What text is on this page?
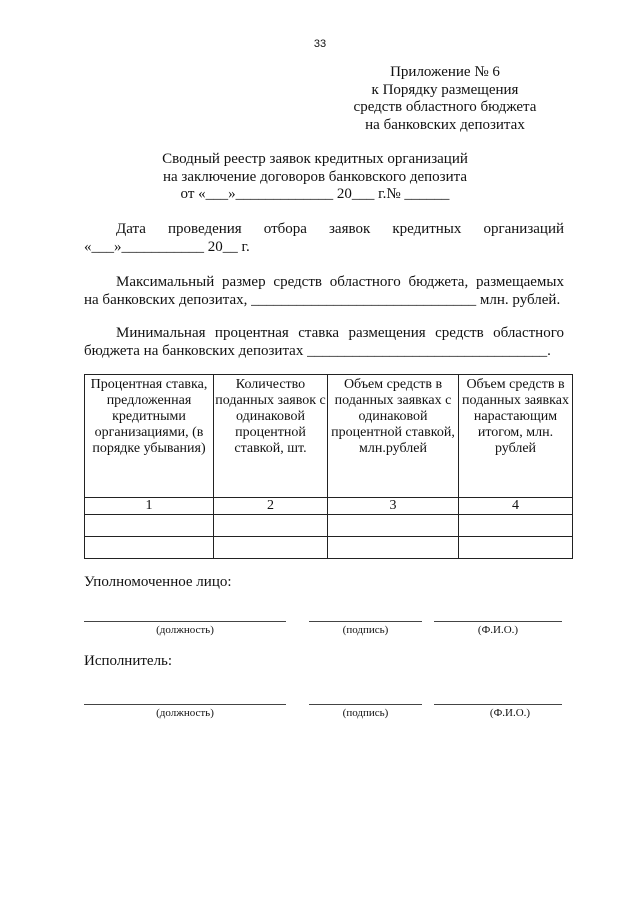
33
Приложение № 6
к Порядку размещения
средств областного бюджета
на банковских депозитах
Сводный реестр заявок кредитных организаций
на заключение договоров банковского депозита
от «___»_____________ 20___ г.№ ______
Дата проведения отбора заявок кредитных организаций
«___»___________ 20__ г.
Максимальный размер средств областного бюджета, размещаемых
на банковских депозитах, ______________________________ млн. рублей.
Минимальная процентная ставка размещения средств областного
бюджета на банковских депозитах ________________________________.
Процентная ставка, предложенная кредитными организациями, (в порядке убывания)	Количество поданных заявок с одинаковой процентной ставкой, шт.	Объем средств в поданных заявках с одинаковой процентной ставкой, млн.рублей	Объем средств в поданных заявках нарастающим итогом, млн. рублей
1	2	3	4

Уполномоченное лицо:
(должность)	(подпись)	(Ф.И.О.)
Исполнитель:
(должность)	(подпись)	(Ф.И.О.)
